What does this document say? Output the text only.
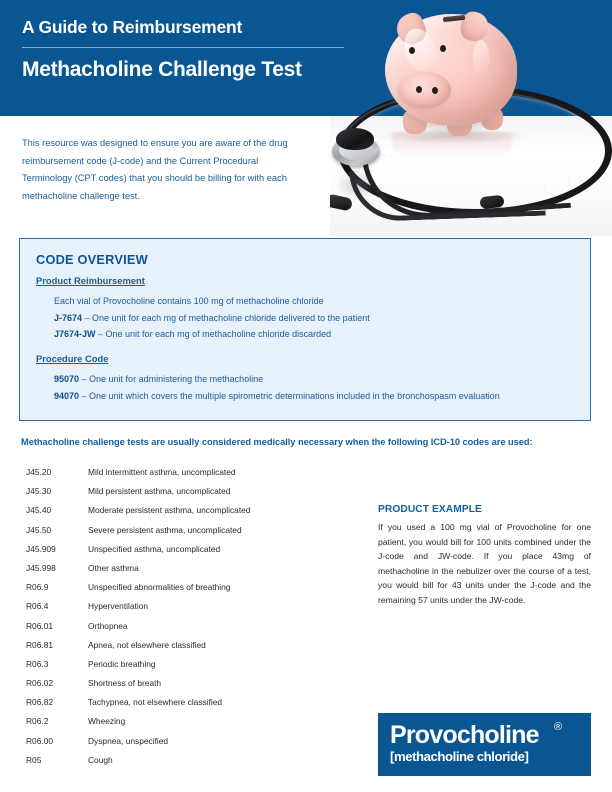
A Guide to Reimbursement
Methacholine Challenge Test
This resource was designed to ensure you are aware of the drug reimbursement code (J-code) and the Current Procedural Terminology (CPT codes) that you should be billing for with each methacholine challenge test.
CODE OVERVIEW
Product Reimbursement
Each vial of Provocholine contains 100 mg of methacholine chloride
J-7674 – One unit for each mg of methacholine chloride delivered to the patient
J7674-JW – One unit for each mg of methacholine chloride discarded
Procedure Code
95070 – One unit for administering the methacholine
94070 – One unit which covers the multiple spirometric determinations included in the bronchospasm evaluation
Methacholine challenge tests are usually considered medically necessary when the following ICD-10 codes are used:
J45.20	Mild intermittent asthma, uncomplicated
J45.30	Mild persistent asthma, uncomplicated
J45.40	Moderate persistent asthma, uncomplicated
J45.50	Severe persistent asthma, uncomplicated
J45.909	Unspecified asthma, uncomplicated
J45.998	Other asthma
R06.9	Unspecified abnormalities of breathing
R06.4	Hyperventilation
R06.01	Orthopnea
R06.81	Apnea, not elsewhere classified
R06.3	Periodic breathing
R06.02	Shortness of breath
R06.82	Tachypnea, not elsewhere classified
R06.2	Wheezing
R06.00	Dyspnea, unspecified
R05	Cough
PRODUCT EXAMPLE
If you used a 100 mg vial of Provocholine for one patient, you would bill for 100 units combined under the J-code and JW-code. If you place 43mg of methacholine in the nebulizer over the course of a test, you would bill for 43 units under the J-code and the remaining 57 units under the JW-code.
Provocholine ®
[methacholine chloride]
